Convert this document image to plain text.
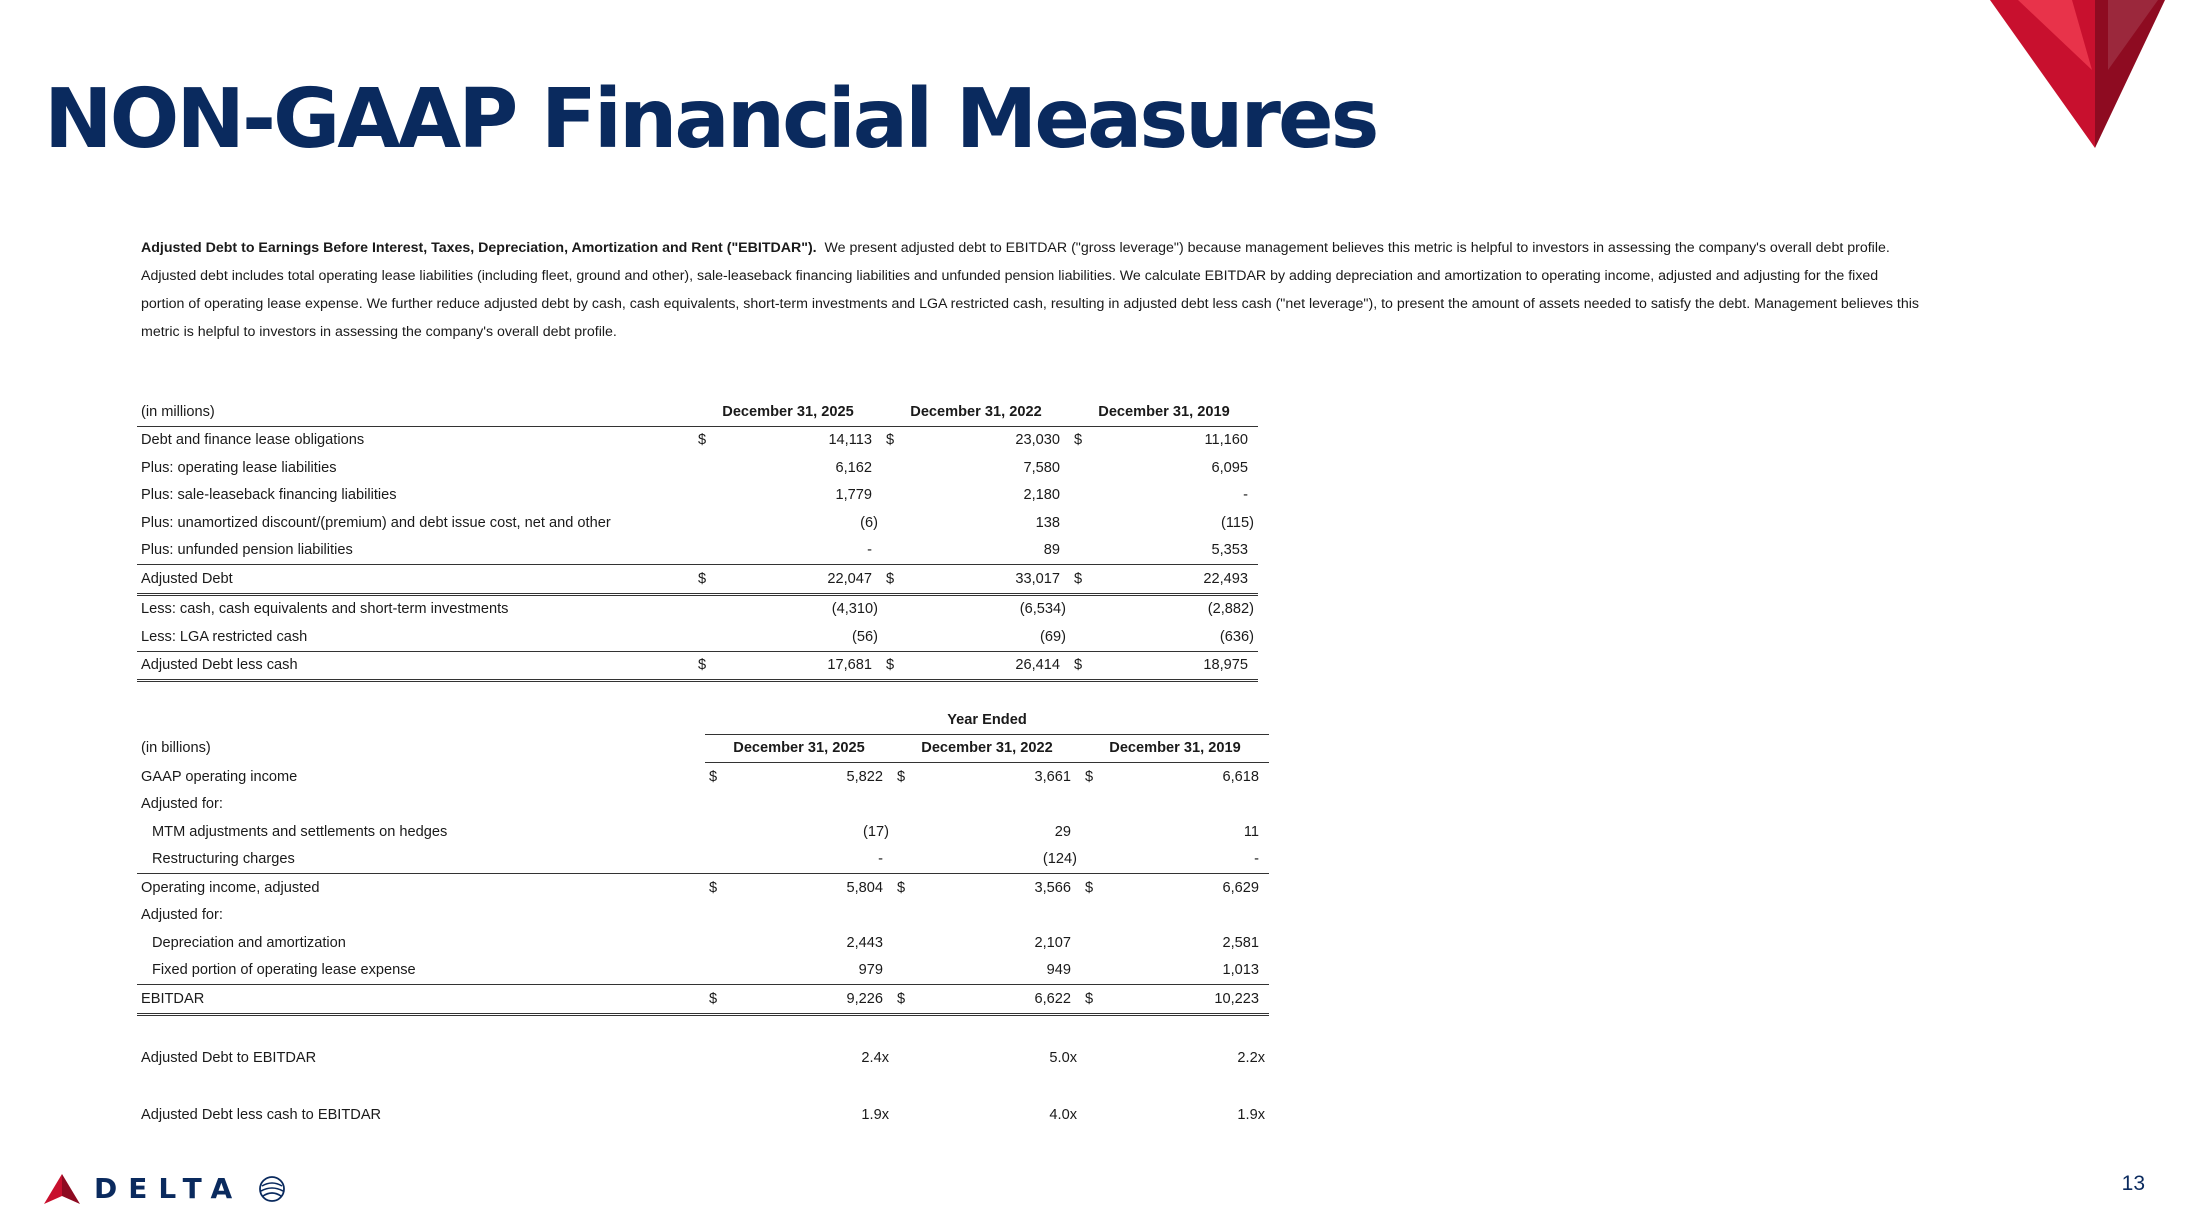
NON-GAAP Financial Measures

Adjusted Debt to Earnings Before Interest, Taxes, Depreciation, Amortization and Rent ("EBITDAR"). We present adjusted debt to EBITDAR ("gross leverage") because management believes this metric is helpful to investors in assessing the company's overall debt profile. Adjusted debt includes total operating lease liabilities (including fleet, ground and other), sale-leaseback financing liabilities and unfunded pension liabilities. We calculate EBITDAR by adding depreciation and amortization to operating income, adjusted and adjusting for the fixed portion of operating lease expense. We further reduce adjusted debt by cash, cash equivalents, short-term investments and LGA restricted cash, resulting in adjusted debt less cash ("net leverage"), to present the amount of assets needed to satisfy the debt. Management believes this metric is helpful to investors in assessing the company's overall debt profile.

(in millions)	December 31, 2025		December 31, 2022		December 31, 2019	
Debt and finance lease obligations	$	14,113	$	23,030	$	11,160
Plus: operating lease liabilities		6,162		7,580		6,095
Plus: sale-leaseback financing liabilities		1,779		2,180		-
Plus: unamortized discount/(premium) and debt issue cost, net and other		(6)		138		(115)
Plus: unfunded pension liabilities		-		89		5,353
Adjusted Debt	$	22,047	$	33,017	$	22,493
Less: cash, cash equivalents and short-term investments		(4,310)		(6,534)		(2,882)
Less: LGA restricted cash		(56)		(69)		(636)
Adjusted Debt less cash	$	17,681	$	26,414	$	18,975
	Year Ended					
(in billions)	December 31, 2025		December 31, 2022		December 31, 2019	
GAAP operating income	$	5,822	$	3,661	$	6,618
Adjusted for:						
MTM adjustments and settlements on hedges		(17)		29		11
Restructuring charges		-		(124)		-
Operating income, adjusted	$	5,804	$	3,566	$	6,629
Adjusted for:						
Depreciation and amortization		2,443		2,107		2,581
Fixed portion of operating lease expense		979		949		1,013
EBITDAR	$	9,226	$	6,622	$	10,223

Adjusted Debt to EBITDAR		2.4x		5.0x		2.2x

Adjusted Debt less cash to EBITDAR		1.9x		4.0x		1.9x
DELTA	13
